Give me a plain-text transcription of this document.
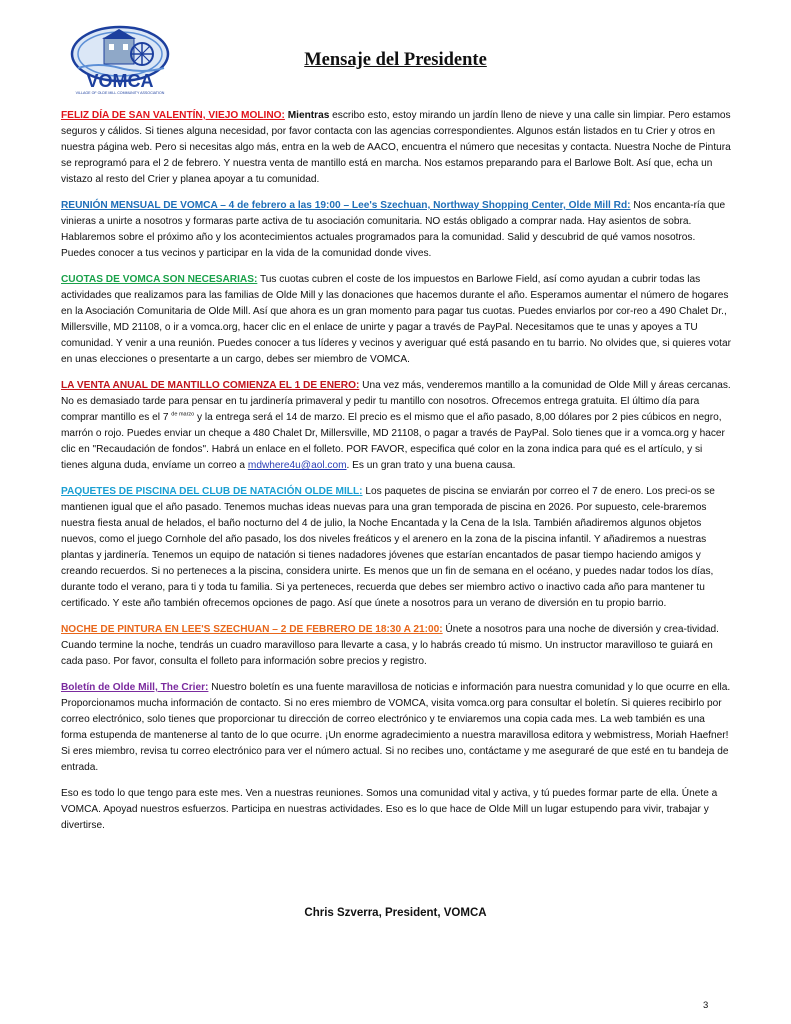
VOMCA
VILLAGE OF OLDE MILL COMMUNITY ASSOCIATION
Mensaje del Presidente

FELIZ DÍA DE SAN VALENTÍN, VIEJO MOLINO: Mientras escribo esto, estoy mirando un jardín lleno de nieve y una calle sin limpiar. Pero estamos seguros y cálidos. Si tienes alguna necesidad, por favor contacta con las agencias correspondientes. Algunos están listados en tu Crier y otros en nuestra página web. Pero si necesitas algo más, entra en la web de AACO, encuentra el número que necesitas y contacta. Nuestra Noche de Pintura se reprogramó para el 2 de febrero. Y nuestra venta de mantillo está en marcha. Nos estamos preparando para el Barlowe Bolt. Así que, echa un vistazo al resto del Crier y planea apoyar a tu comunidad.

REUNIÓN MENSUAL DE VOMCA – 4 de febrero a las 19:00 – Lee's Szechuan, Northway Shopping Center, Olde Mill Rd: Nos encanta-ría que vinieras a unirte a nosotros y formaras parte activa de tu asociación comunitaria. NO estás obligado a comprar nada. Hay asientos de sobra. Hablaremos sobre el próximo año y los acontecimientos actuales programados para la comunidad. Salid y descubrid de qué vamos nosotros. Puedes conocer a tus vecinos y participar en la vida de la comunidad donde vives.

CUOTAS DE VOMCA SON NECESARIAS: Tus cuotas cubren el coste de los impuestos en Barlowe Field, así como ayudan a cubrir todas las actividades que realizamos para las familias de Olde Mill y las donaciones que hacemos durante el año. Esperamos aumentar el número de hogares en la Asociación Comunitaria de Olde Mill. Así que ahora es un gran momento para pagar tus cuotas. Puedes enviarlos por cor-reo a 490 Chalet Dr., Millersville, MD 21108, o ir a vomca.org, hacer clic en el enlace de unirte y pagar a través de PayPal. Necesitamos que te unas y apoyes a TU comunidad. Y venir a una reunión. Puedes conocer a tus líderes y vecinos y averiguar qué está pasando en tu barrio. No olvides que, si quieres votar en unas elecciones o presentarte a un cargo, debes ser miembro de VOMCA.

LA VENTA ANUAL DE MANTILLO COMIENZA EL 1 DE ENERO: Una vez más, venderemos mantillo a la comunidad de Olde Mill y áreas cercanas. No es demasiado tarde para pensar en tu jardinería primaveral y pedir tu mantillo con nosotros. Ofrecemos entrega gratuita. El último día para comprar mantillo es el 7 $^{de marzo}$ y la entrega será el 14 de marzo. El precio es el mismo que el año pasado, 8,00 dólares por 2 pies cúbicos en negro, marrón o rojo. Puedes enviar un cheque a 480 Chalet Dr, Millersville, MD 21108, o pagar a través de PayPal. Solo tienes que ir a vomca.org y hacer clic en "Recaudación de fondos". Habrá un enlace en el folleto. POR FAVOR, especifica qué color en la zona indica para qué es el artículo, y si tienes alguna duda, envíame un correo a mdwhere4u@aol.com. Es un gran trato y una buena causa.

PAQUETES DE PISCINA DEL CLUB DE NATACIÓN OLDE MILL: Los paquetes de piscina se enviarán por correo el 7 de enero. Los preci-os se mantienen igual que el año pasado. Tenemos muchas ideas nuevas para una gran temporada de piscina en 2026. Por supuesto, cele-braremos nuestra fiesta anual de helados, el baño nocturno del 4 de julio, la Noche Encantada y la Cena de la Isla. También añadiremos algunos objetos nuevos, como el juego Cornhole del año pasado, los dos niveles freáticos y el arenero en la zona de la piscina infantil. Y añadiremos a nuestras plantas y jardinería. Tenemos un equipo de natación si tienes nadadores jóvenes que estarían encantados de pasar tiempo haciendo amigos y creando recuerdos. Si no perteneces a la piscina, considera unirte. Es menos que un fin de semana en el océano, y puedes nadar todos los días, durante todo el verano, para ti y toda tu familia. Si ya perteneces, recuerda que debes ser miembro activo o inactivo cada año para mantener tu certificado. Y este año también ofrecemos opciones de pago. Así que únete a nosotros para un verano de diversión en tu propio barrio.

NOCHE DE PINTURA EN LEE'S SZECHUAN – 2 DE FEBRERO DE 18:30 A 21:00: Únete a nosotros para una noche de diversión y crea-tividad. Cuando termine la noche, tendrás un cuadro maravilloso para llevarte a casa, y lo habrás creado tú mismo. Un instructor maravilloso te guiará en cada paso. Por favor, consulta el folleto para información sobre precios y registro.

Boletín de Olde Mill, The Crier: Nuestro boletín es una fuente maravillosa de noticias e información para nuestra comunidad y lo que ocurre en ella. Proporcionamos mucha información de contacto. Si no eres miembro de VOMCA, visita vomca.org para consultar el boletín. Si quieres recibirlo por correo electrónico, solo tienes que proporcionar tu dirección de correo electrónico y te enviaremos una copia cada mes. La web también es una forma estupenda de mantenerse al tanto de lo que ocurre. ¡Un enorme agradecimiento a nuestra maravillosa editora y webmistress, Moriah Haefner! Si eres miembro, revisa tu correo electrónico para ver el número actual. Si no recibes uno, contáctame y me aseguraré de que esté en tu bandeja de entrada.

Eso es todo lo que tengo para este mes. Ven a nuestras reuniones. Somos una comunidad vital y activa, y tú puedes formar parte de ella. Únete a VOMCA. Apoyad nuestros esfuerzos. Participa en nuestras actividades. Eso es lo que hace de Olde Mill un lugar estupendo para vivir, trabajar y divertirse.

Chris Szverra, President, VOMCA
3
